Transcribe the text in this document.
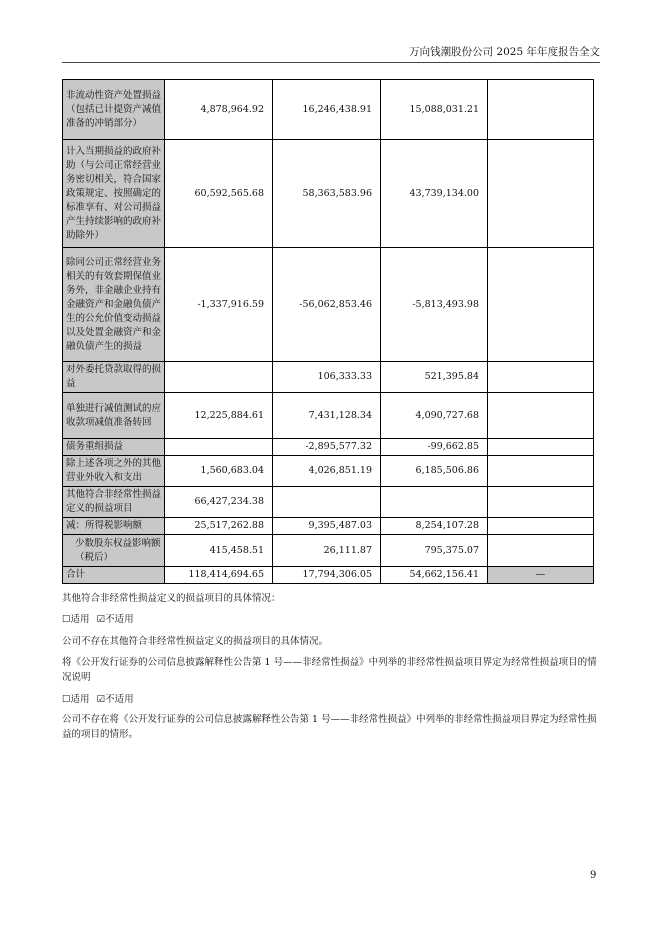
万向钱潮股份公司 2025 年年度报告全文
非流动性资产处置损益（包括已计提资产减值准备的冲销部分）	4,878,964.92	16,246,438.91	15,088,031.21	
计入当期损益的政府补助（与公司正常经营业务密切相关，符合国家政策规定、按照确定的标准享有、对公司损益产生持续影响的政府补助除外）	60,592,565.68	58,363,583.96	43,739,134.00	
除同公司正常经营业务相关的有效套期保值业务外，非金融企业持有金融资产和金融负债产生的公允价值变动损益以及处置金融资产和金融负债产生的损益	-1,337,916.59	-56,062,853.46	-5,813,493.98	
对外委托贷款取得的损益		106,333.33	521,395.84	
单独进行减值测试的应收款项减值准备转回	12,225,884.61	7,431,128.34	4,090,727.68	
债务重组损益		-2,895,577.32	-99,662.85	
除上述各项之外的其他营业外收入和支出	1,560,683.04	4,026,851.19	6,185,506.86	
其他符合非经常性损益定义的损益项目	66,427,234.38			
减：所得税影响额	25,517,262.88	9,395,487.03	8,254,107.28	
少数股东权益影响额（税后）	415,458.51	26,111.87	795,375.07	
合计	118,414,694.65	17,794,306.05	54,662,156.41	—
其他符合非经常性损益定义的损益项目的具体情况：
☐适用 ☑不适用
公司不存在其他符合非经常性损益定义的损益项目的具体情况。
将《公开发行证券的公司信息披露解释性公告第 1 号——非经常性损益》中列举的非经常性损益项目界定为经常性损益项目的情况说明
☐适用 ☑不适用
公司不存在将《公开发行证券的公司信息披露解释性公告第 1 号——非经常性损益》中列举的非经常性损益项目界定为经常性损益的项目的情形。
9
